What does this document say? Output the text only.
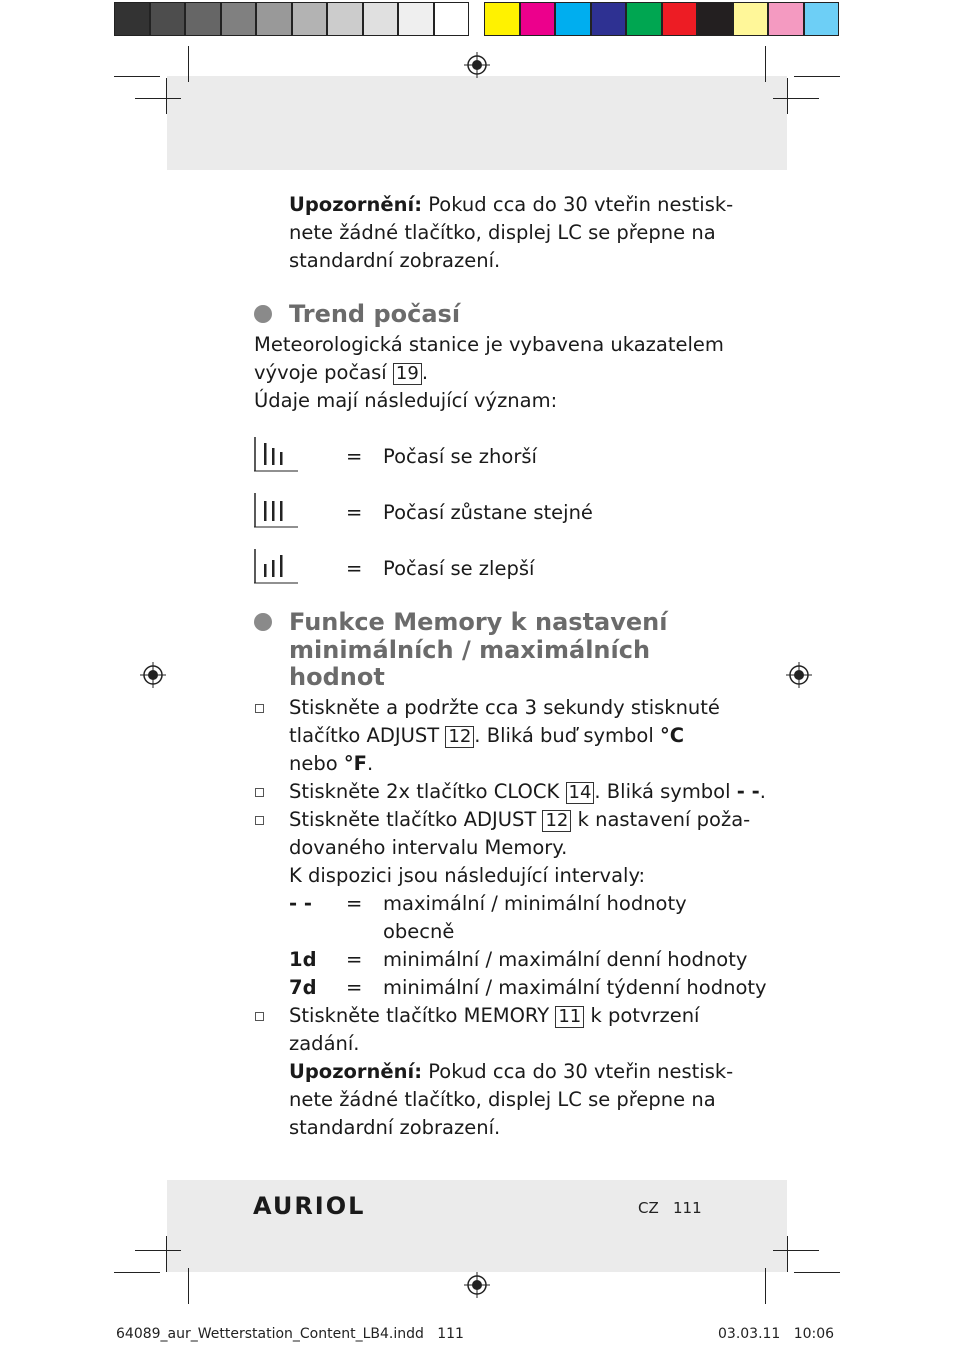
Upozornění: Pokud cca do 30 vteřin nestisk-
nete žádné tlačítko, displej LC se přepne na
standardní zobrazení.
Trend počasí
Meteorologická stanice je vybavena ukazatelem
vývoje počasí 19 .
Údaje mají následující význam:
= Počasí se zhorší
= Počasí zůstane stejné
= Počasí se zlepší
Funkce Memory k nastavení
minimálních / maximálních
hodnot
Stiskněte a podržte cca 3 sekundy stisknuté
tlačítko ADJUST 12 . Bliká buď symbol °C
nebo °F.
Stiskněte 2x tlačítko CLOCK 14 . Bliká symbol - -.
Stiskněte tlačítko ADJUST 12 k nastavení poža-
dovaného intervalu Memory.
K dispozici jsou následující intervaly:
- - = maximální / minimální hodnoty
obecně
1d = minimální / maximální denní hodnoty
7d = minimální / maximální týdenní hodnoty
Stiskněte tlačítko MEMORY 11 k potvrzení
zadání.
Upozornění: Pokud cca do 30 vteřin nestisk-
nete žádné tlačítko, displej LC se přepne na
standardní zobrazení.
AURIOL	CZ 111
64089_aur_Wetterstation_Content_LB4.indd   111	03.03.11   10:06
